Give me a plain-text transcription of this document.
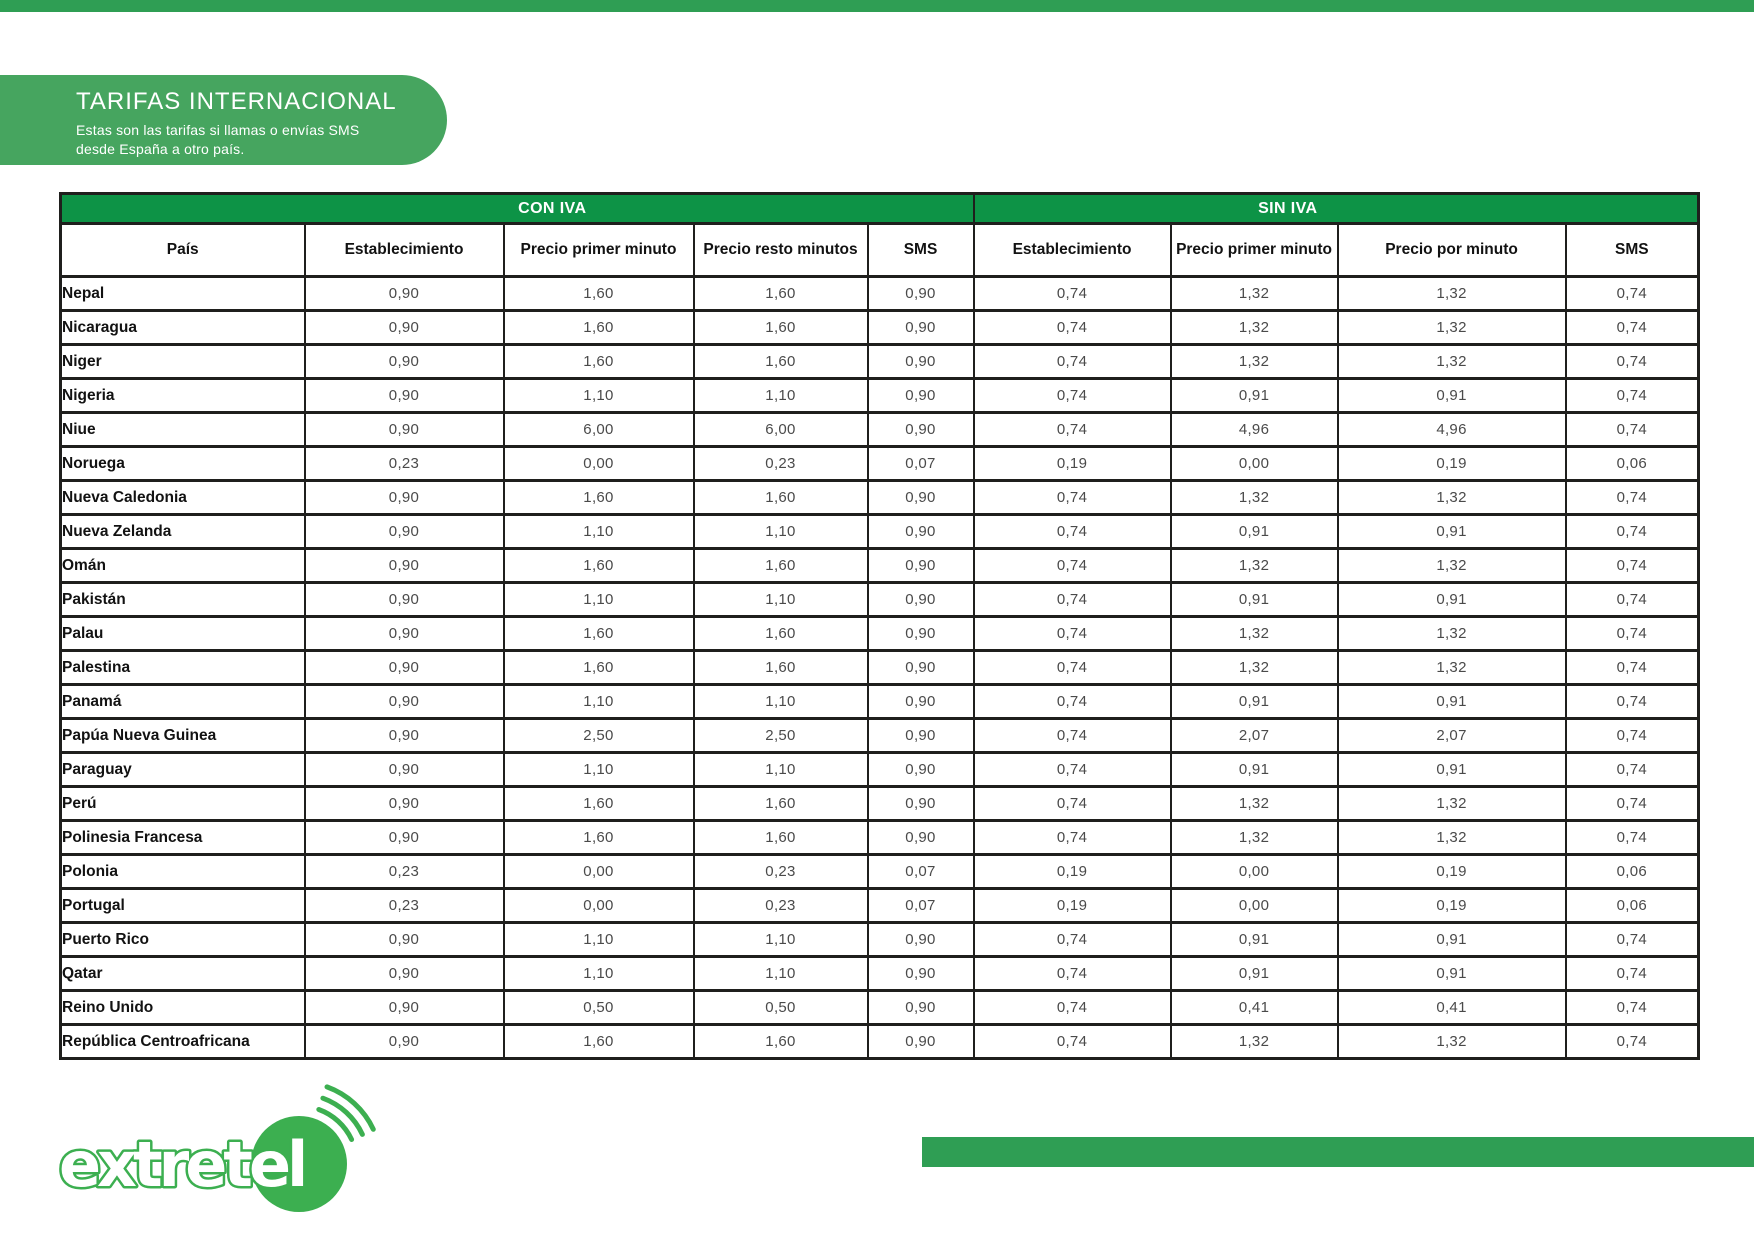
TARIFAS INTERNACIONAL

Estas son las tarifas si llamas o envías SMS
desde España a otro país.

CON IVA					SIN IVA			
País	Establecimiento	Precio primer minuto	Precio resto minutos	SMS	Establecimiento	Precio primer minuto	Precio por minuto	SMS
Nepal	0,90	1,60	1,60	0,90	0,74	1,32	1,32	0,74
Nicaragua	0,90	1,60	1,60	0,90	0,74	1,32	1,32	0,74
Niger	0,90	1,60	1,60	0,90	0,74	1,32	1,32	0,74
Nigeria	0,90	1,10	1,10	0,90	0,74	0,91	0,91	0,74
Niue	0,90	6,00	6,00	0,90	0,74	4,96	4,96	0,74
Noruega	0,23	0,00	0,23	0,07	0,19	0,00	0,19	0,06
Nueva Caledonia	0,90	1,60	1,60	0,90	0,74	1,32	1,32	0,74
Nueva Zelanda	0,90	1,10	1,10	0,90	0,74	0,91	0,91	0,74
Omán	0,90	1,60	1,60	0,90	0,74	1,32	1,32	0,74
Pakistán	0,90	1,10	1,10	0,90	0,74	0,91	0,91	0,74
Palau	0,90	1,60	1,60	0,90	0,74	1,32	1,32	0,74
Palestina	0,90	1,60	1,60	0,90	0,74	1,32	1,32	0,74
Panamá	0,90	1,10	1,10	0,90	0,74	0,91	0,91	0,74
Papúa Nueva Guinea	0,90	2,50	2,50	0,90	0,74	2,07	2,07	0,74
Paraguay	0,90	1,10	1,10	0,90	0,74	0,91	0,91	0,74
Perú	0,90	1,60	1,60	0,90	0,74	1,32	1,32	0,74
Polinesia Francesa	0,90	1,60	1,60	0,90	0,74	1,32	1,32	0,74
Polonia	0,23	0,00	0,23	0,07	0,19	0,00	0,19	0,06
Portugal	0,23	0,00	0,23	0,07	0,19	0,00	0,19	0,06
Puerto Rico	0,90	1,10	1,10	0,90	0,74	0,91	0,91	0,74
Qatar	0,90	1,10	1,10	0,90	0,74	0,91	0,91	0,74
Reino Unido	0,90	0,50	0,50	0,90	0,74	0,41	0,41	0,74
República Centroafricana	0,90	1,60	1,60	0,90	0,74	1,32	1,32	0,74
extretel
